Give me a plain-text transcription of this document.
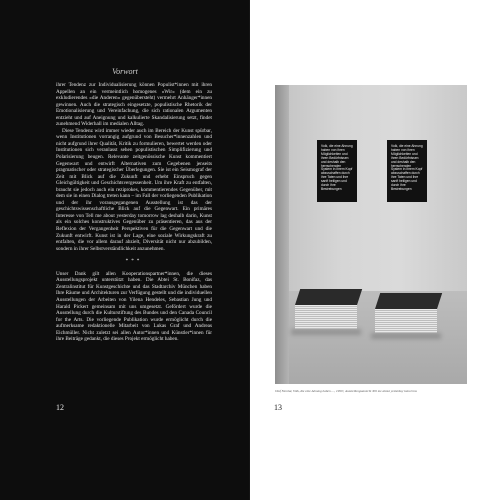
Vorwort

ihrer Tendenz zur Individualisierung können Populist*innen mit ihren Appellen an ein vermeintlich homogenes »Wir« (dem ein zu exkludierendes »die Anderen« gegenübersteht) vermehrt Anhänger*innen gewinnen. Auch die strategisch eingesetzte, populistische Rhetorik der Emotionalisierung und Vereinfachung, die sich rationalen Argumenten entzieht und auf Aneignung und kalkulierte Skandalisierung setzt, findet zunehmend Widerhall im medialen Alltag.

Diese Tendenz wird immer wieder auch im Bereich der Kunst spürbar, wenn Institutionen vorrangig aufgrund von Besucher*innenzahlen und nicht aufgrund ihrer Qualität, Kritik zu formulieren, bewertet werden oder Institutionen sich veranlasst sehen populistischen Simplifizierung und Polarisierung beugen. Relevante zeitgenössische Kunst kommentiert Gegenwart und entwirft Alternativen zum Gegebenen jenseits pragmatischer oder strategischer Überlegungen. Sie ist ein Seismograf der Zeit mit Blick auf die Zukunft und erhebt Einspruch gegen Gleichgültigkeit und Geschichtsvergessenheit. Um ihre Kraft zu entfalten, braucht sie jedoch auch ein reziprokes, kommentierendes Gegenüber, mit dem sie in einen Dialog treten kann – im Fall der vorliegenden Publikation und der ihr vorausgegangenen Ausstellung ist das der geschichtswissenschaftliche Blick auf die Gegenwart. Ein primäres Interesse von Tell me about yesterday tomorrow lag deshalb darin, Kunst als ein solches konstruktives Gegenüber zu präsentieren, das aus der Reflexion der Vergangenheit Perspektiven für die Gegenwart und die Zukunft entwirft. Kunst ist in der Lage, eine soziale Wirkungskraft zu entfalten, die vor allem darauf abzielt, Diversität nicht nur abzubilden, sondern in ihrer Selbstverständlichkeit anzunehmen.

***

Unser Dank gilt allen Kooperationspartner*innen, die dieses Ausstellungsprojekt unterstützt haben. Die Abtei St. Bonifaz, das Zentralinstitut für Kunstgeschichte und das Stadtarchiv München haben Ihre Räume und Architekturen zur Verfügung gestellt und die individuellen Ausstellungen der Arbeiten von Yilena Hendeles, Sebastian Jung und Harald Pickert gemeinsam mit uns umgesetzt. Gefördert wurde die Ausstellung durch die Kulturstiftung des Bundes und den Canada Council for the Arts. Die vorliegende Publikation wurde ermöglicht durch die aufmerksame redaktionelle Mitarbeit von Lukas Graf und Andreas Eichmüller. Nicht zuletzt sei allen Autor*innen und Künstler*innen für ihre Beiträge gedankt, die dieses Projekt ermöglicht haben.

12
Volk, die eine Ahnung haben von ihren Möglichkeiten und ihren Bedürfnissen und deshalb den herrschenden System in ihrem Kopf abzuschaffen durch ihre Taten und ihre sanft heiligen und durch ihre Bestrebungen
Volk, die eine Ahnung haben von ihren Möglichkeiten und ihren Bedürfnissen und deshalb den herrschenden System in ihrem Kopf abzuschaffen durch ihre Taten und ihre sanft heiligen und durch ihre Bestrebungen
Olaf Nicolai, Volk, die eine Ahnung haben …, 1999 | Ausstellungsansicht Tell me about yesterday tomorrow
13
